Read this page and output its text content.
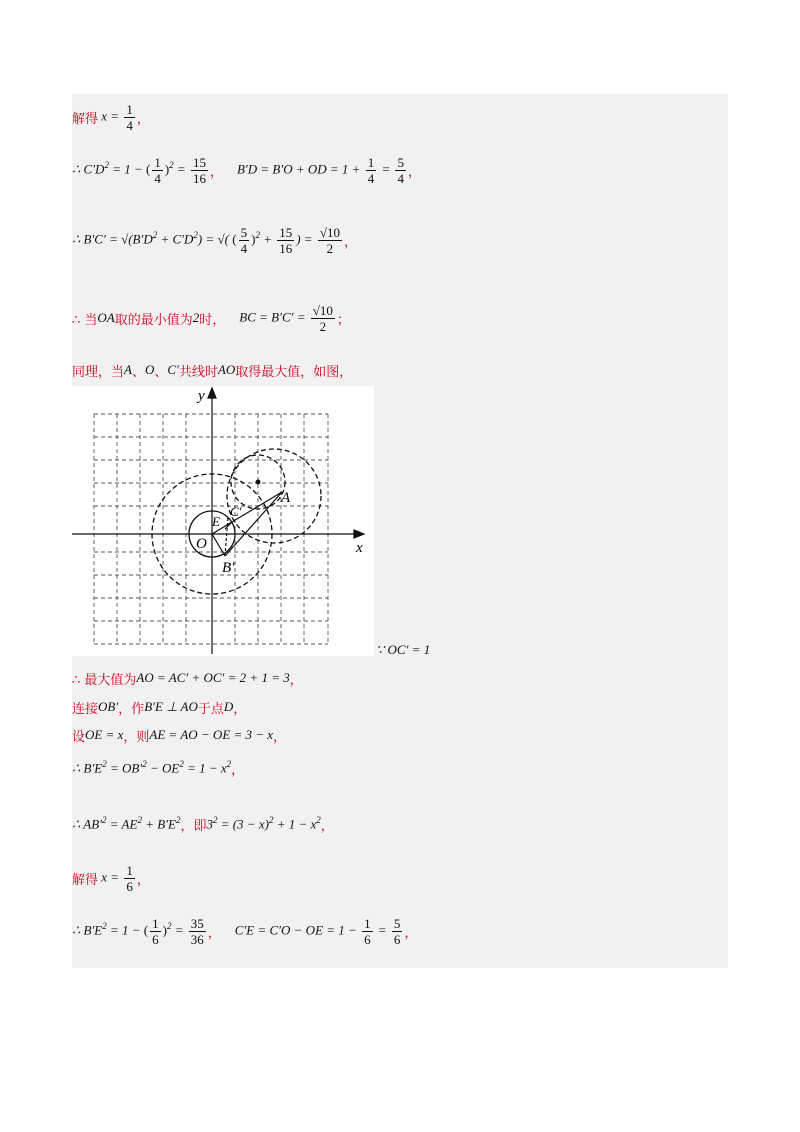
解得 $x = \frac{1}{4}$ ，
∴ $C'D^2 = 1$ − ( $\frac{1}{4} )^2 = \frac{15}{16}$ ， B′D = B′O + OD = $1 + \frac{1}{4} = \frac{5}{4}$ ，
∴ $B'C' = √(B'D^2 + C'D^2)$ = √( ( $\frac{5}{4} )^2 + \frac{15}{16}$ ) = $\frac{√10}{2}$ ，
∴ 当 OA 取的最小值为 2 时， BC = $B'C' = \frac{√10}{2}$ ；
同理，当 A 、 O 、 C′ 共线时 AO 取得最大值，如图，
x
y
O
A
B′
C′
E
∵ OC′ = 1
∴ 最大值为 AO = AC′ + OC′ = 2 + 1 = 3 ，
连接 OB′ ，作 B′E ⊥ AO 于点 D ，
设 OE = x ，则 AE = AO − OE = 3 − x ，
∴ $B'E^2 = OB'^2 - OE^2 = 1 - x^2$ ，
∴ $AB'^2 = AE^2 + B'E^2$ ，即 $3^2 = (3 - x)^2 + 1 - x^2$ ，
解得 $x = \frac{1}{6}$ ，
∴ $B'E^2 = 1$ − ( $\frac{1}{6} )^2 = \frac{35}{36}$ ， C′E = C′O − OE = $1 - \frac{1}{6} = \frac{5}{6}$ ，
